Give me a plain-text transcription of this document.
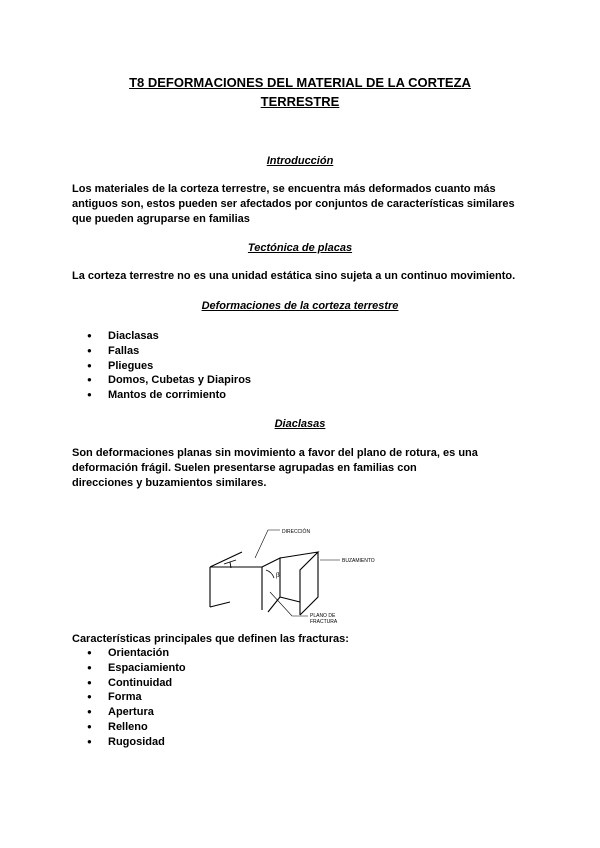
T8 DEFORMACIONES DEL MATERIAL DE LA CORTEZA
TERRESTRE
Introducción
Los materiales de la corteza terrestre, se encuentra más deformados cuanto más
antiguos son, estos pueden ser afectados por conjuntos de características similares
que pueden agruparse en familias
Tectónica de placas
La corteza terrestre no es una unidad estática sino sujeta a un continuo movimiento.
Deformaciones de la corteza terrestre
● Diaclasas
● Fallas
● Pliegues
● Domos, Cubetas y Diapiros
● Mantos de corrimiento
Diaclasas
Son deformaciones planas sin movimiento a favor del plano de rotura, es una
deformación frágil. Suelen presentarse agrupadas en familias con
direcciones y buzamientos similares.
DIRECCIÓN
BUZAMIENTO
PLANO DE
FRACTURA
β
Características principales que definen las fracturas:
● Orientación
● Espaciamiento
● Continuidad
● Forma
● Apertura
● Relleno
● Rugosidad
